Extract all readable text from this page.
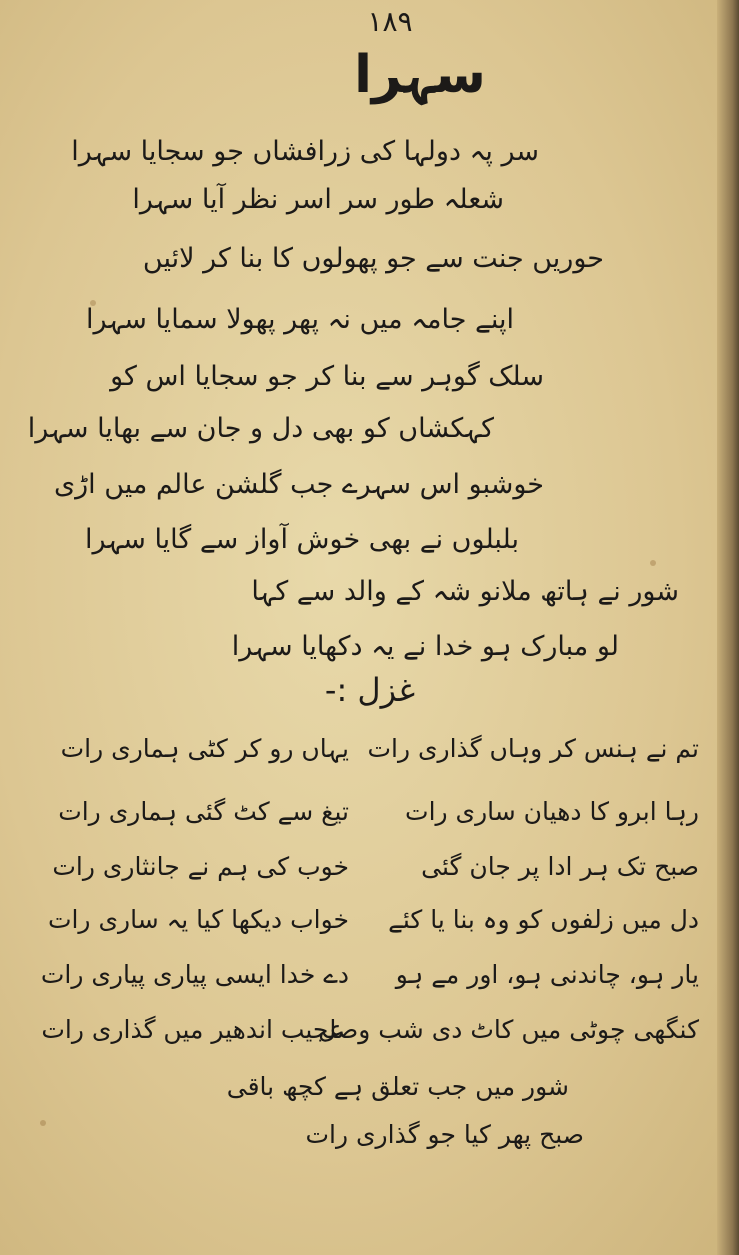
۱۸۹
سہرا
سر پہ دولہا کی زرافشاں جو سجایا سہرا
شعلہ طور سر اسر نظر آیا سہرا
حوریں جنت سے جو پھولوں کا بنا کر لائیں
اپنے جامہ میں نہ پھر پھولا سمایا سہرا
سلک گوہر سے بنا کر جو سجایا اس کو
کہکشاں کو بھی دل و جان سے بھایا سہرا
خوشبو اس سہرے جب گلشن عالم میں اڑی
بلبلوں نے بھی خوش آواز سے گایا سہرا
شور نے ہاتھ ملانو شہ کے والد سے کہا
لو مبارک ہو خدا نے یہ دکھایا سہرا
غزل :-
تم نے ہنس کر وہاں گذاری رات
یہاں رو کر کٹی ہماری رات
رہا ابرو کا دھیان ساری رات
تیغ سے کٹ گئی ہماری رات
صبح تک ہر ادا پر جان گئی
خوب کی ہم نے جانثاری رات
دل میں زلفوں کو وہ بنا یا کئے
خواب دیکھا کیا یہ ساری رات
یار ہو، چاندنی ہو، اور مے ہو
دے خدا ایسی پیاری پیاری رات
کنگھی چوٹی میں کاٹ دی شب وصل
عجیب اندھیر میں گذاری رات
شور میں جب تعلق ہے کچھ باقی
صبح پھر کیا جو گذاری رات
